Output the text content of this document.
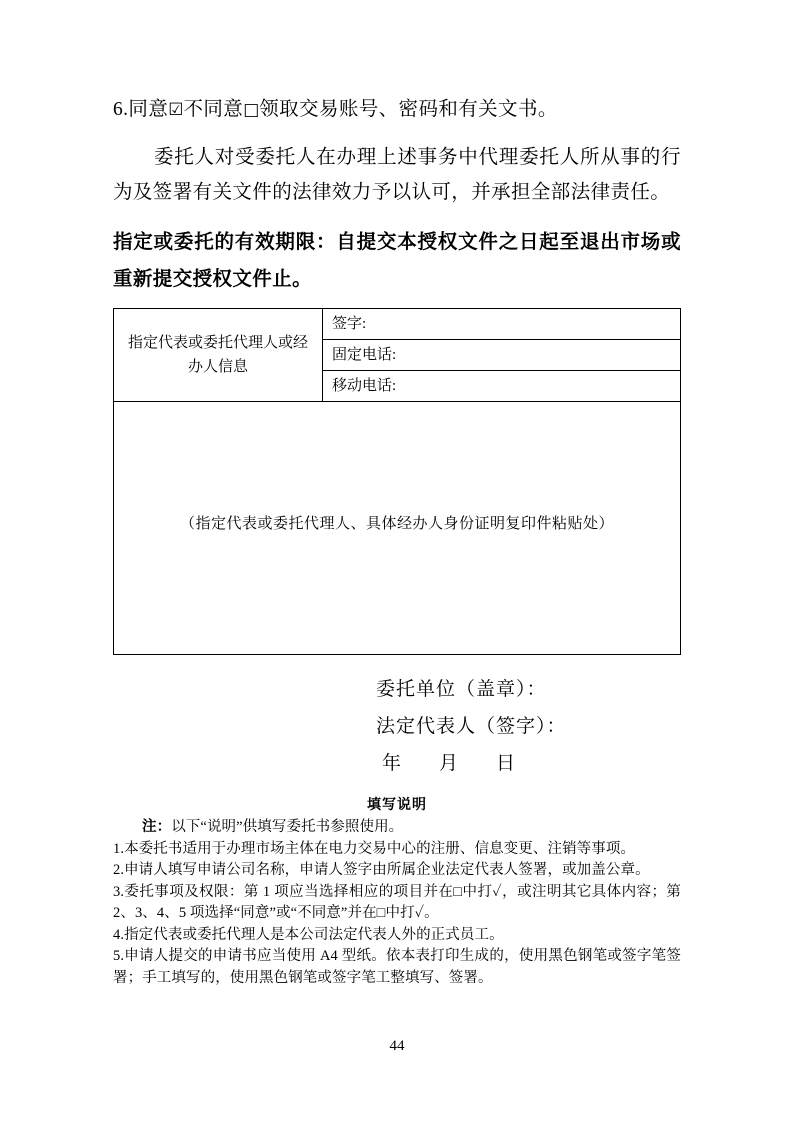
6.同意☑不同意□领取交易账号、密码和有关文书。

委托人对受委托人在办理上述事务中代理委托人所从事的行为及签署有关文件的法律效力予以认可，并承担全部法律责任。

指定或委托的有效期限：自提交本授权文件之日起至退出市场或重新提交授权文件止。

指定代表或委托代理人或经办人信息	签字:
固定电话:
移动电话:

（指定代表或委托代理人、具体经办人身份证明复印件粘贴处）
委托单位（盖章）：
法定代表人（签字）：
年 月 日
填写说明
注：以下“说明”供填写委托书参照使用。
1.本委托书适用于办理市场主体在电力交易中心的注册、信息变更、注销等事项。
2.申请人填写申请公司名称，申请人签字由所属企业法定代表人签署，或加盖公章。
3.委托事项及权限：第 1 项应当选择相应的项目并在□中打✓，或注明其它具体内容；第 2、3、4、5 项选择“同意”或“不同意”并在□中打✓。
4.指定代表或委托代理人是本公司法定代表人外的正式员工。
5.申请人提交的申请书应当使用 A4 型纸。依本表打印生成的，使用黑色钢笔或签字笔签署；手工填写的，使用黑色钢笔或签字笔工整填写、签署。
44
